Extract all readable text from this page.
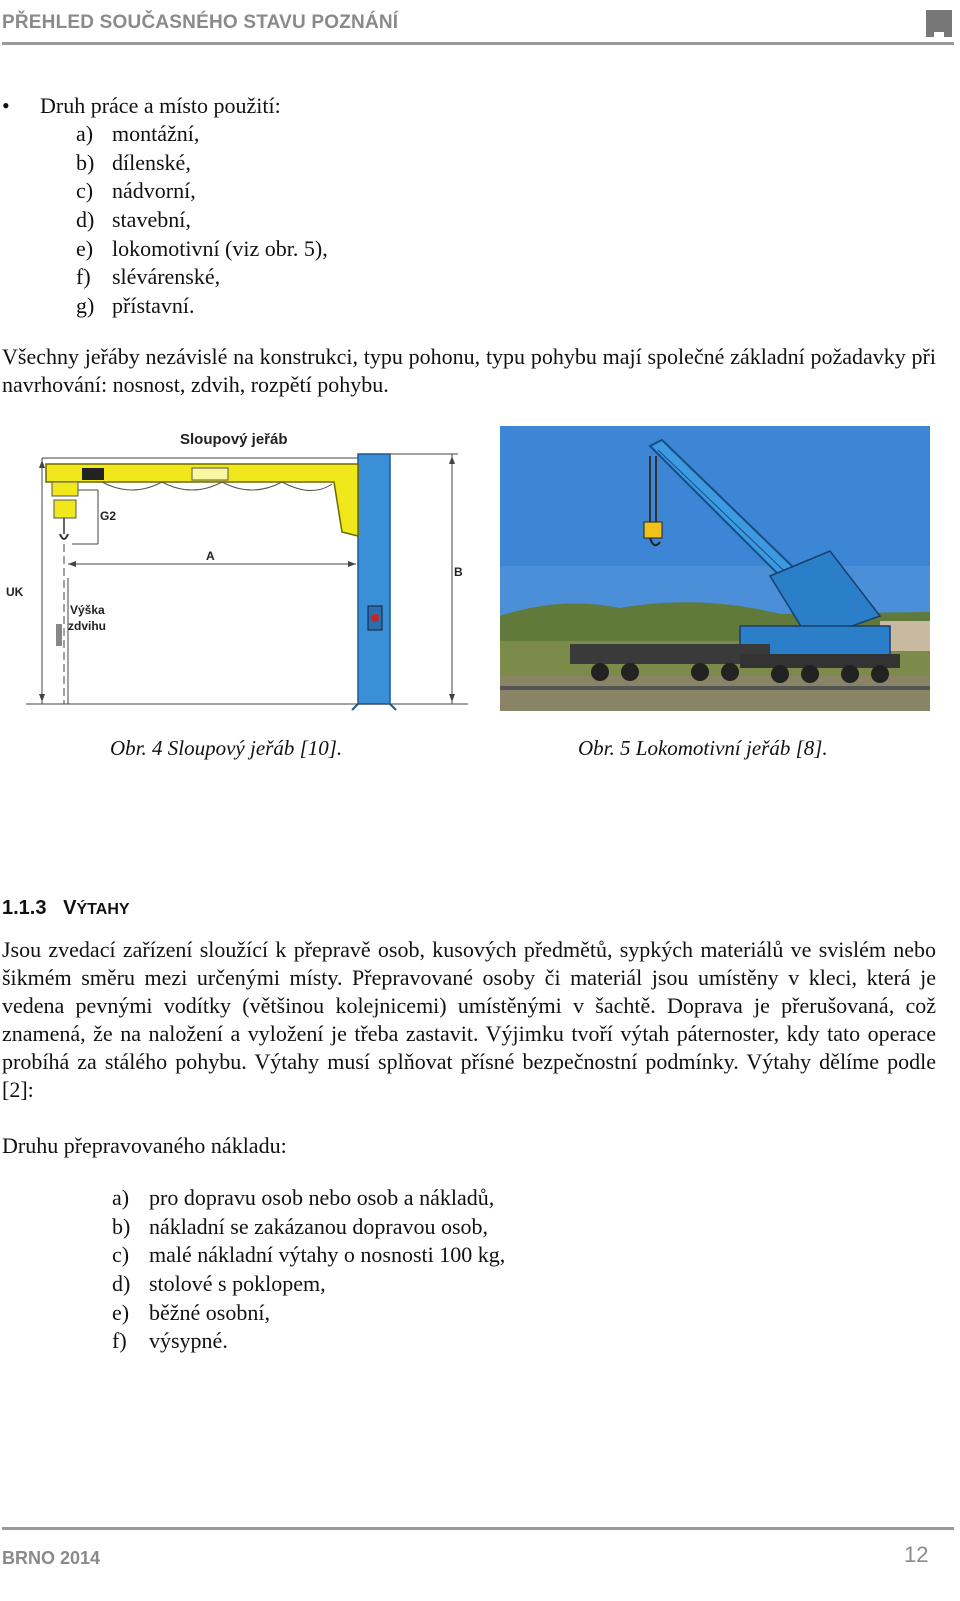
PŘEHLED SOUČASNÉHO STAVU POZNÁNÍ
• Druh práce a místo použití:
a) montážní,
b) dílenské,
c) nádvorní,
d) stavební,
e) lokomotivní (viz obr. 5),
f) slévárenské,
g) přístavní.
Všechny jeřáby nezávislé na konstrukci, typu pohonu, typu pohybu mají společné základní požadavky při navrhování: nosnost, zdvih, rozpětí pohybu.
Sloupový jeřáb
G2
A
UK
B
Výška
zdvihu
Obr. 4 Sloupový jeřáb [10].	Obr. 5 Lokomotivní jeřáb [8].
1.1.3 VÝTAHY
Jsou zvedací zařízení sloužící k přepravě osob, kusových předmětů, sypkých materiálů ve svislém nebo šikmém směru mezi určenými místy. Přepravované osoby či materiál jsou umístěny v kleci, která je vedena pevnými vodítky (většinou kolejnicemi) umístěnými v šachtě. Doprava je přerušovaná, což znamená, že na naložení a vyložení je třeba zastavit. Výjimku tvoří výtah páternoster, kdy tato operace probíhá za stálého pohybu. Výtahy musí splňovat přísné bezpečnostní podmínky. Výtahy dělíme podle [2]:
Druhu přepravovaného nákladu:
a) pro dopravu osob nebo osob a nákladů,
b) nákladní se zakázanou dopravou osob,
c) malé nákladní výtahy o nosnosti 100 kg,
d) stolové s poklopem,
e) běžné osobní,
f) výsypné.
BRNO 2014	12
